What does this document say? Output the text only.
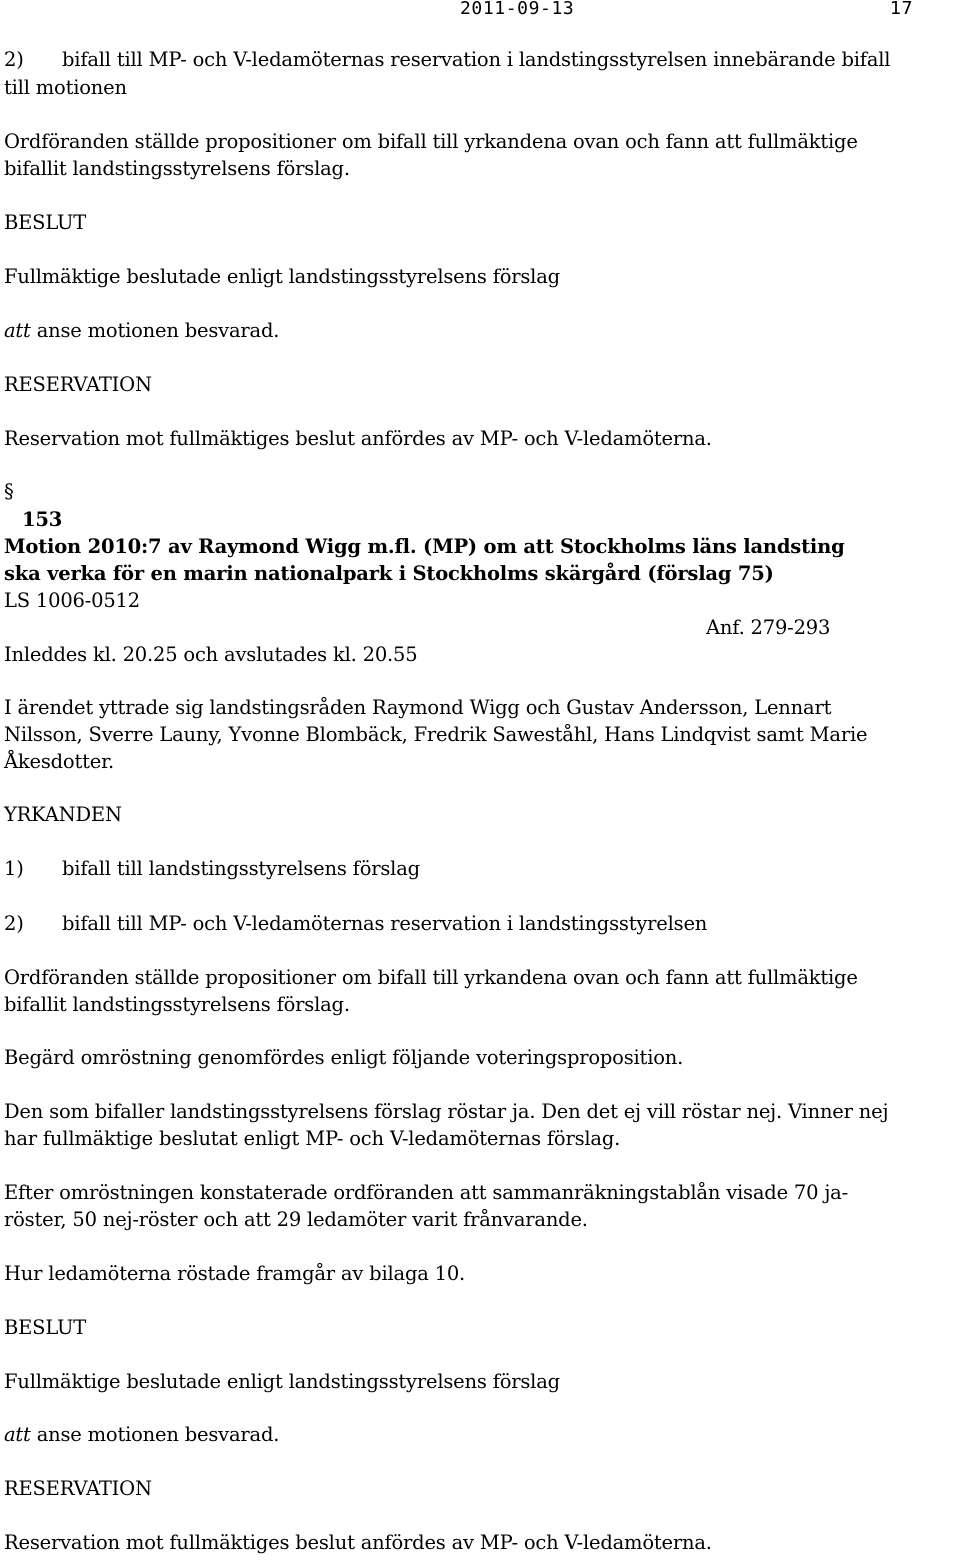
2011-09-13	17
2) bifall till MP- och V-ledamöternas reservation i landstingsstyrelsen innebärande bifall
till motionen
Ordföranden ställde propositioner om bifall till yrkandena ovan och fann att fullmäktige
bifallit landstingsstyrelsens förslag.
BESLUT
Fullmäktige beslutade enligt landstingsstyrelsens förslag
att anse motionen besvarad.
RESERVATION
Reservation mot fullmäktiges beslut anfördes av MP- och V-ledamöterna.
§
153
Motion 2010:7 av Raymond Wigg m.fl. (MP) om att Stockholms läns landsting
ska verka för en marin nationalpark i Stockholms skärgård (förslag 75)
LS 1006-0512
Anf. 279-293
Inleddes kl. 20.25 och avslutades kl. 20.55
I ärendet yttrade sig landstingsråden Raymond Wigg och Gustav Andersson, Lennart
Nilsson, Sverre Launy, Yvonne Blombäck, Fredrik Saweståhl, Hans Lindqvist samt Marie
Åkesdotter.
YRKANDEN
1) bifall till landstingsstyrelsens förslag
2) bifall till MP- och V-ledamöternas reservation i landstingsstyrelsen
Ordföranden ställde propositioner om bifall till yrkandena ovan och fann att fullmäktige
bifallit landstingsstyrelsens förslag.
Begärd omröstning genomfördes enligt följande voteringsproposition.
Den som bifaller landstingsstyrelsens förslag röstar ja. Den det ej vill röstar nej. Vinner nej
har fullmäktige beslutat enligt MP- och V-ledamöternas förslag.
Efter omröstningen konstaterade ordföranden att sammanräkningstablån visade 70 ja-
röster, 50 nej-röster och att 29 ledamöter varit frånvarande.
Hur ledamöterna röstade framgår av bilaga 10.
BESLUT
Fullmäktige beslutade enligt landstingsstyrelsens förslag
att anse motionen besvarad.
RESERVATION
Reservation mot fullmäktiges beslut anfördes av MP- och V-ledamöterna.
